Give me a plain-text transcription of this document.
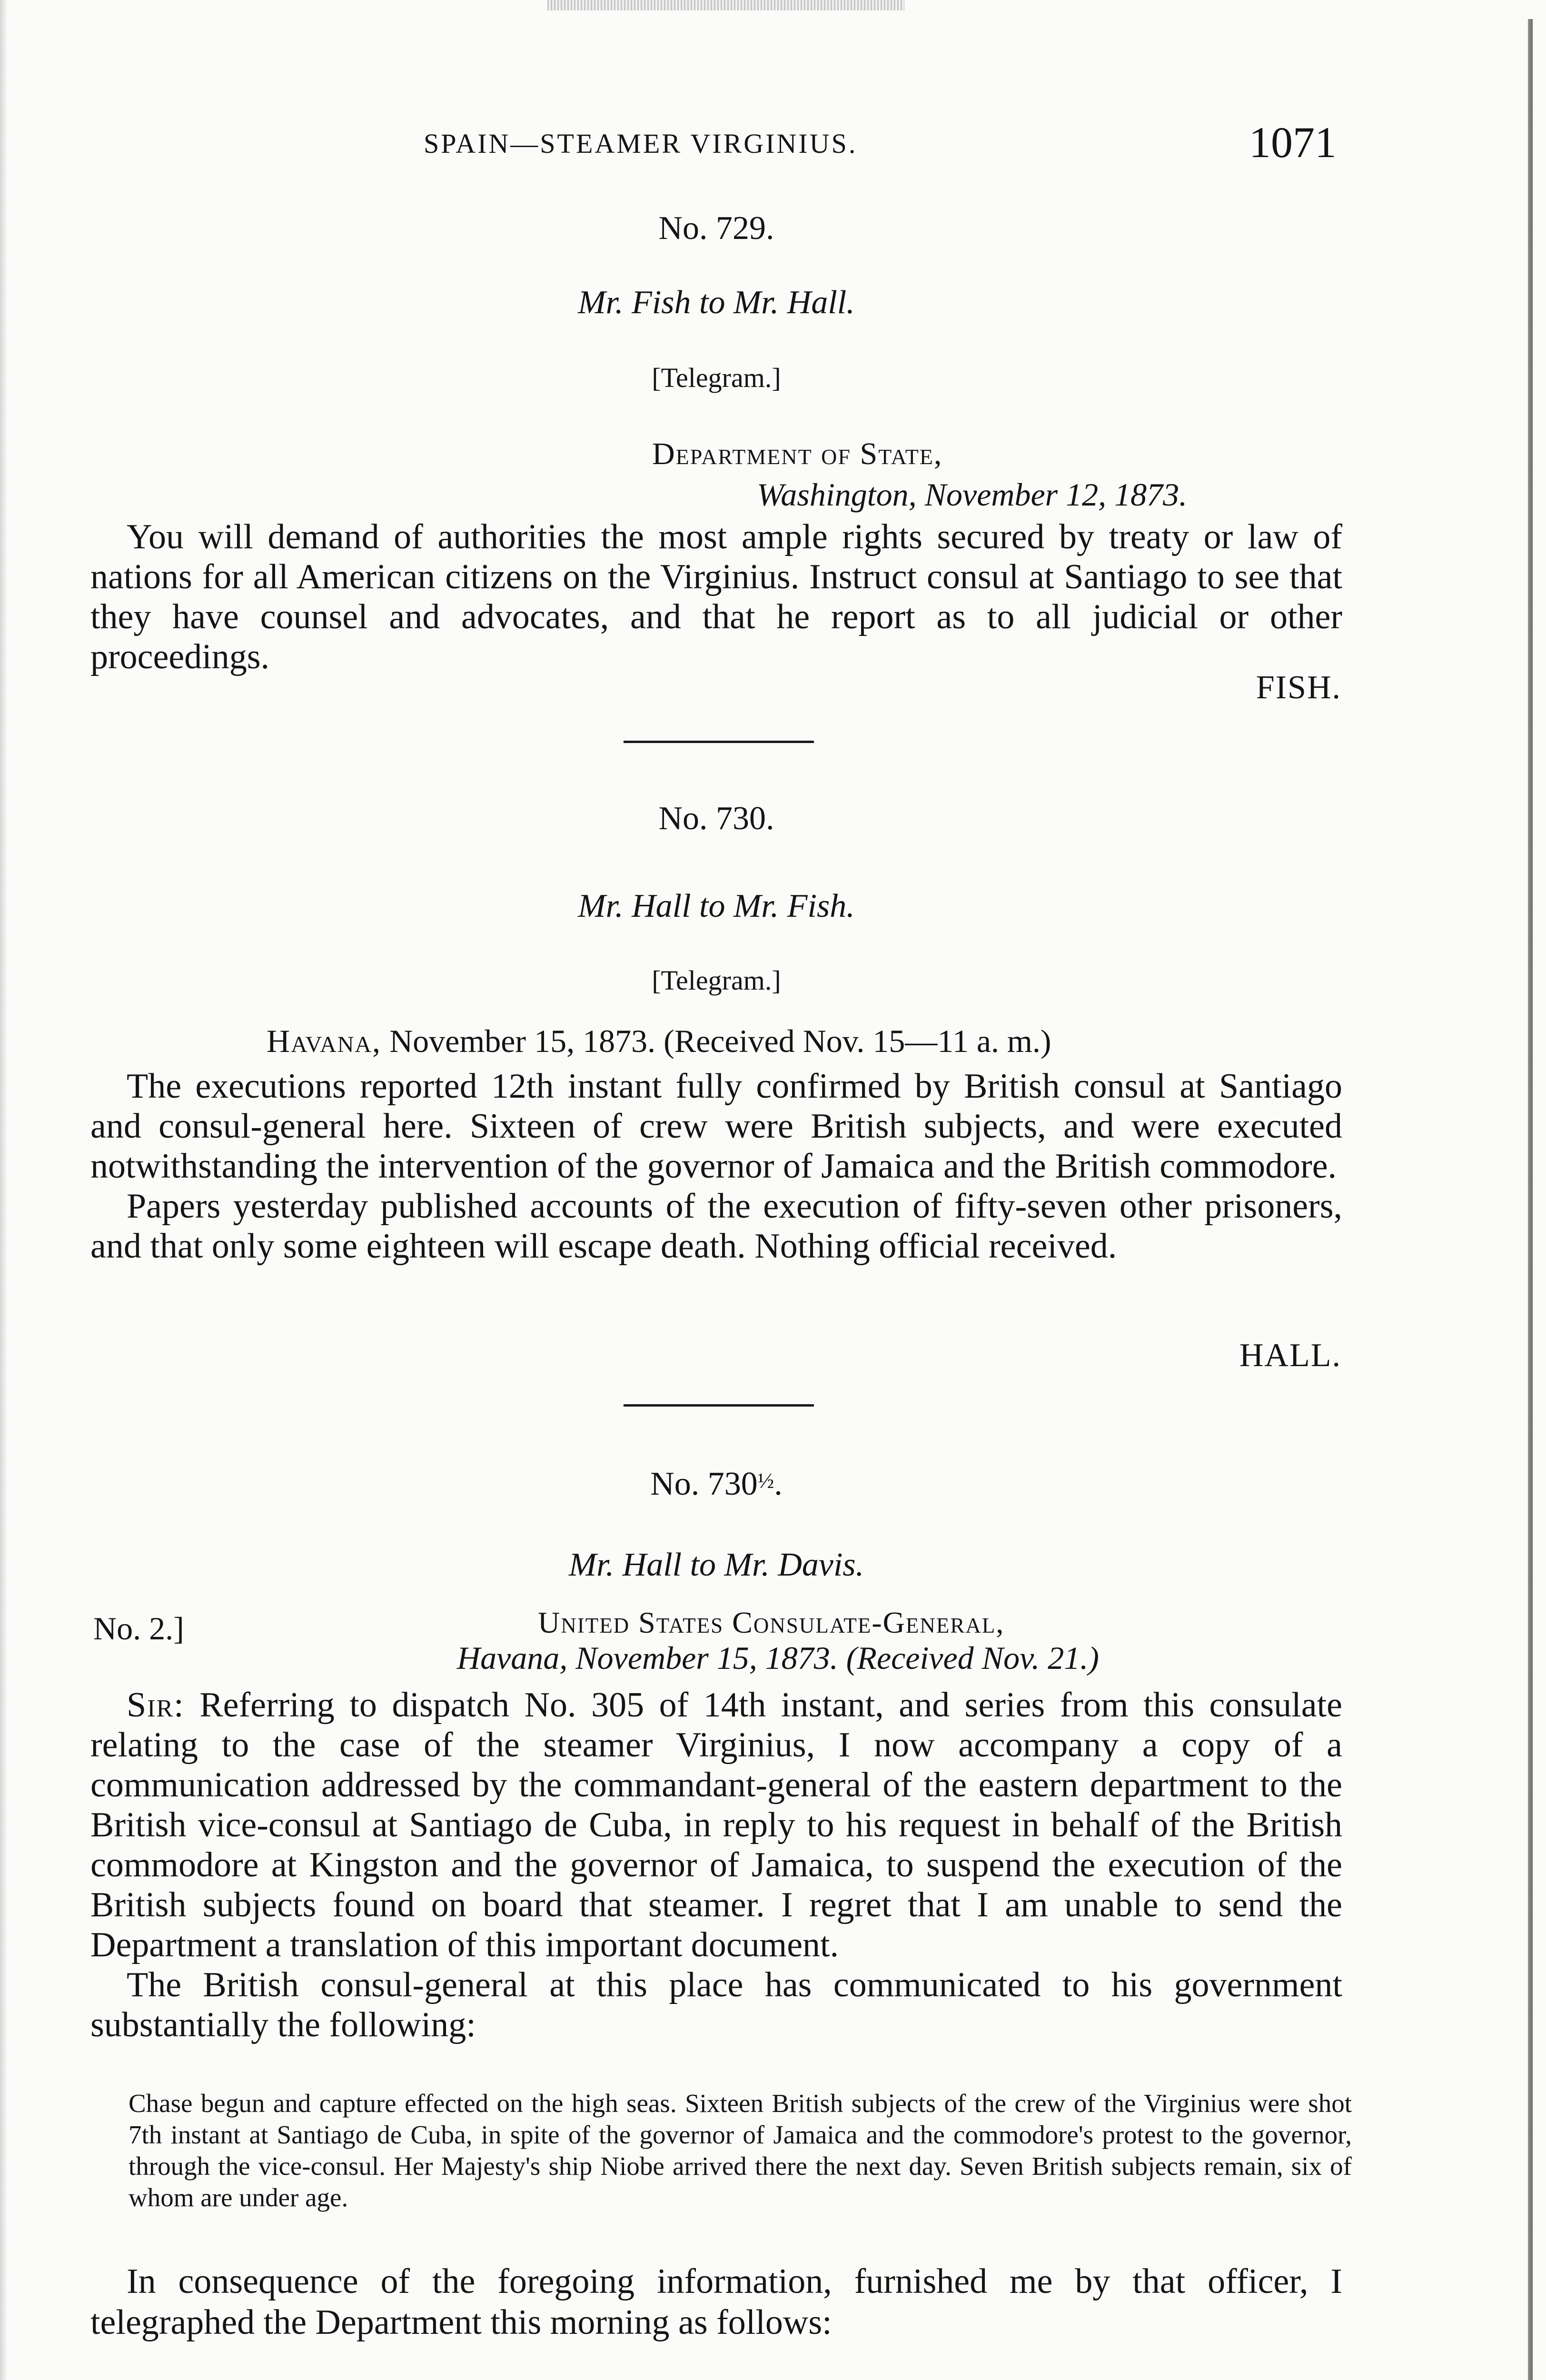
SPAIN—STEAMER VIRGINIUS.	1071
No. 729.
Mr. Fish to Mr. Hall.
[Telegram.]
Department of State,
Washington, November 12, 1873.

You will demand of authorities the most ample rights secured by treaty or law of nations for all American citizens on the Virginius. Instruct consul at Santiago to see that they have counsel and advocates, and that he report as to all judicial or other proceedings.

FISH.
No. 730.
Mr. Hall to Mr. Fish.
[Telegram.]
Havana, November 15, 1873. (Received Nov. 15—11 a. m.)

The executions reported 12th instant fully confirmed by British consul at Santiago and consul-general here. Sixteen of crew were British subjects, and were executed notwithstanding the intervention of the governor of Jamaica and the British commodore.

Papers yesterday published accounts of the execution of fifty-seven other prisoners, and that only some eighteen will escape death. Nothing official received.

HALL.
No. $730^{\frac{1}{2}}$.
Mr. Hall to Mr. Davis.
No. 2.]	United States Consulate-General,
Havana, November 15, 1873. (Received Nov. 21.)

Sir: Referring to dispatch No. 305 of 14th instant, and series from this consulate relating to the case of the steamer Virginius, I now accompany a copy of a communication addressed by the commandant-general of the eastern department to the British vice-consul at Santiago de Cuba, in reply to his request in behalf of the British commodore at Kingston and the governor of Jamaica, to suspend the execution of the British subjects found on board that steamer. I regret that I am unable to send the Department a translation of this important document.

The British consul-general at this place has communicated to his government substantially the following:

Chase begun and capture effected on the high seas. Sixteen British subjects of the crew of the Virginius were shot 7th instant at Santiago de Cuba, in spite of the governor of Jamaica and the commodore's protest to the governor, through the vice-consul. Her Majesty's ship Niobe arrived there the next day. Seven British subjects remain, six of whom are under age.

In consequence of the foregoing information, furnished me by that officer, I telegraphed the Department this morning as follows:
